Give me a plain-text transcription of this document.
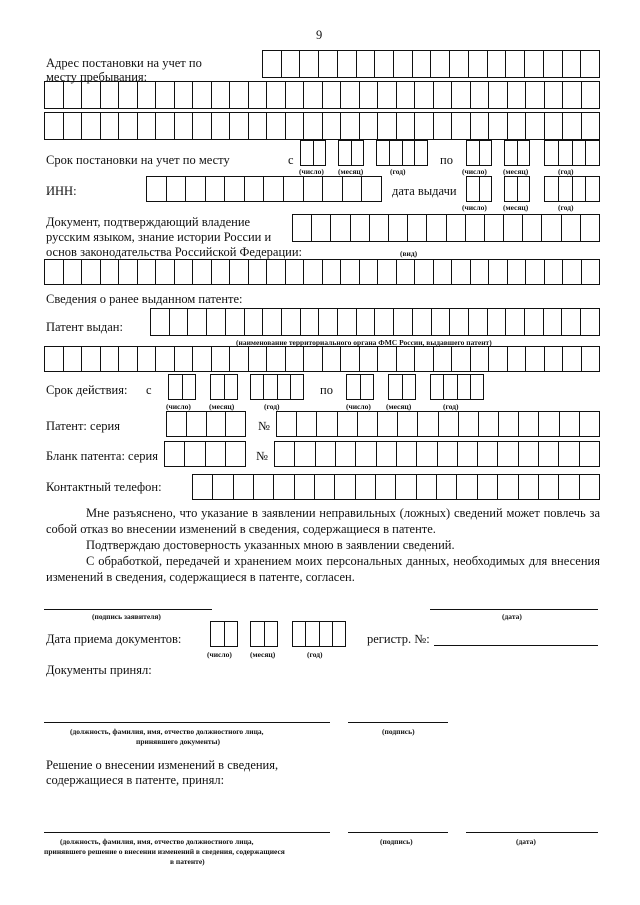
9
Адрес постановки на учет по
месту пребывания:
Срок постановки на учет по месту	с	по
(число) (месяц)	(год)	(число) (месяц)	(год)
ИНН:	дата выдачи
(число) (месяц)	(год)
Документ, подтверждающий владение
русским языком, знание истории России и
основ законодательства Российской Федерации:	(вид)
Сведения о ранее выданном патенте:
Патент выдан:
(наименование территориального органа ФМС России, выдавшего патент)
Срок действия: с	по
(число) (месяц)	(год)	(число) (месяц)	(год)
Патент: серия	№
Бланк патента: серия	№
Контактный телефон:
Мне разъяснено, что указание в заявлении неправильных (ложных) сведений может повлечь за собой отказ во внесении изменений в сведения, содержащиеся в патенте.
Подтверждаю достоверность указанных мною в заявлении сведений.
С обработкой, передачей и хранением моих персональных данных, необходимых для внесения изменений в сведения, содержащиеся в патенте, согласен.
(подпись заявителя)	(дата)
Дата приема документов:
(число) (месяц)	(год)
регистр. №:
Документы принял:
(должность, фамилия, имя, отчество должностного лица,
принявшего документы)
(подпись)
Решение о внесении изменений в сведения,
содержащиеся в патенте, принял:
(должность, фамилия, имя, отчество должностного лица,
принявшего решение о внесении изменений в сведения, содержащиеся
в патенте)
(подпись)	(дата)
